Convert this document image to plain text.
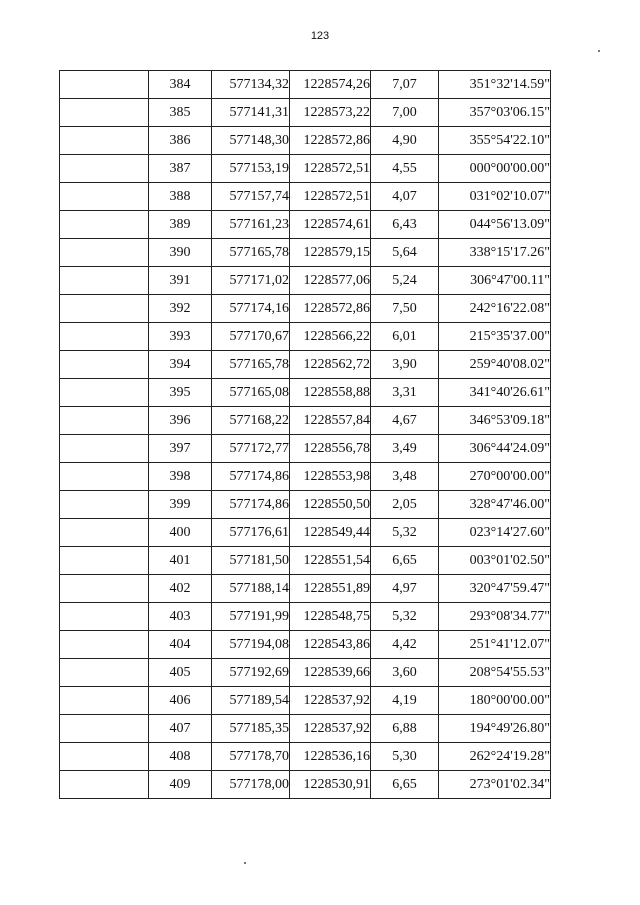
123
	384	577134,32	1228574,26	7,07	351°32'14.59"
	385	577141,31	1228573,22	7,00	357°03'06.15"
	386	577148,30	1228572,86	4,90	355°54'22.10"
	387	577153,19	1228572,51	4,55	000°00'00.00"
	388	577157,74	1228572,51	4,07	031°02'10.07"
	389	577161,23	1228574,61	6,43	044°56'13.09"
	390	577165,78	1228579,15	5,64	338°15'17.26"
	391	577171,02	1228577,06	5,24	306°47'00.11"
	392	577174,16	1228572,86	7,50	242°16'22.08"
	393	577170,67	1228566,22	6,01	215°35'37.00"
	394	577165,78	1228562,72	3,90	259°40'08.02"
	395	577165,08	1228558,88	3,31	341°40'26.61"
	396	577168,22	1228557,84	4,67	346°53'09.18"
	397	577172,77	1228556,78	3,49	306°44'24.09"
	398	577174,86	1228553,98	3,48	270°00'00.00"
	399	577174,86	1228550,50	2,05	328°47'46.00"
	400	577176,61	1228549,44	5,32	023°14'27.60"
	401	577181,50	1228551,54	6,65	003°01'02.50"
	402	577188,14	1228551,89	4,97	320°47'59.47"
	403	577191,99	1228548,75	5,32	293°08'34.77"
	404	577194,08	1228543,86	4,42	251°41'12.07"
	405	577192,69	1228539,66	3,60	208°54'55.53"
	406	577189,54	1228537,92	4,19	180°00'00.00"
	407	577185,35	1228537,92	6,88	194°49'26.80"
	408	577178,70	1228536,16	5,30	262°24'19.28"
	409	577178,00	1228530,91	6,65	273°01'02.34"
